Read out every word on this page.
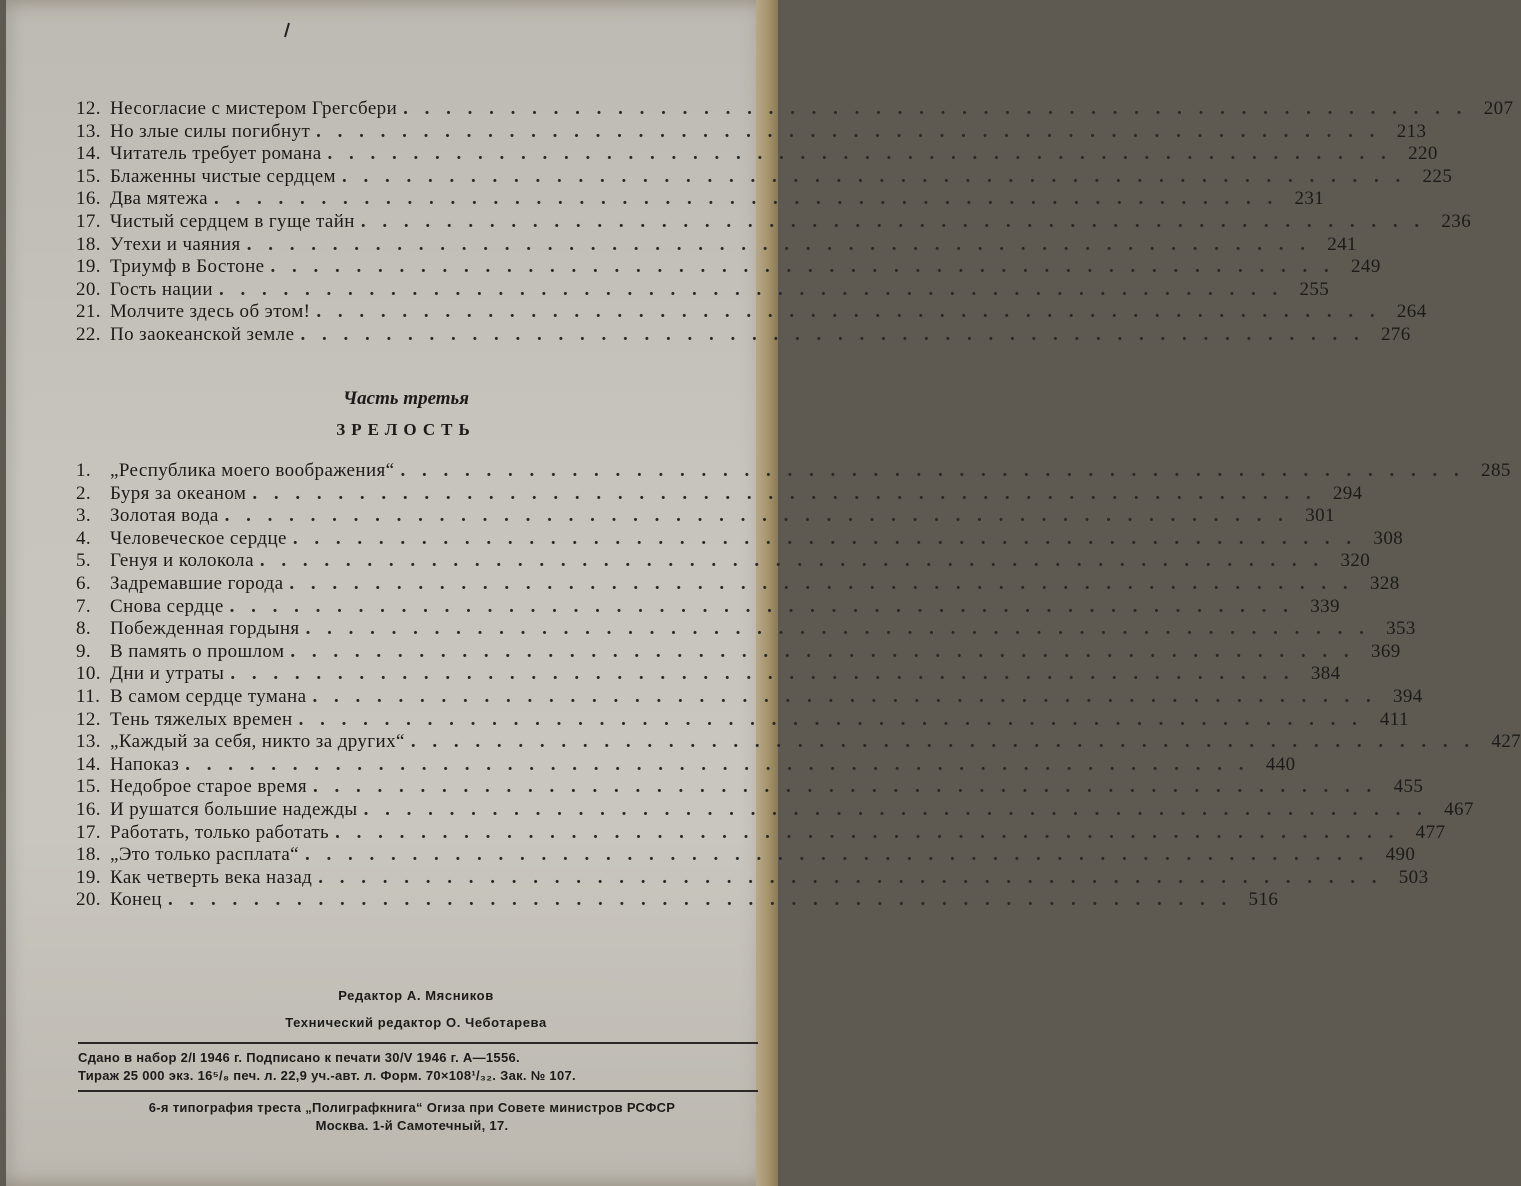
12. Несогласие с мистером Грегсбери . . . . . . . . . . . . . . . . . . . . . . . . . . . . . . . . . . . . . . . . . . . . . . . . . . 207
13. Но злые силы погибнут . . . . . . . . . . . . . . . . . . . . . . . . . . . . . . . . . . . . . . . . . . . . . . . . . . 213
14. Читатель требует романа . . . . . . . . . . . . . . . . . . . . . . . . . . . . . . . . . . . . . . . . . . . . . . . . . . 220
15. Блаженны чистые сердцем . . . . . . . . . . . . . . . . . . . . . . . . . . . . . . . . . . . . . . . . . . . . . . . . . . 225
16. Два мятежа . . . . . . . . . . . . . . . . . . . . . . . . . . . . . . . . . . . . . . . . . . . . . . . . . . 231
17. Чистый сердцем в гуще тайн . . . . . . . . . . . . . . . . . . . . . . . . . . . . . . . . . . . . . . . . . . . . . . . . . . 236
18. Утехи и чаяния . . . . . . . . . . . . . . . . . . . . . . . . . . . . . . . . . . . . . . . . . . . . . . . . . . 241
19. Триумф в Бостоне . . . . . . . . . . . . . . . . . . . . . . . . . . . . . . . . . . . . . . . . . . . . . . . . . . 249
20. Гость нации . . . . . . . . . . . . . . . . . . . . . . . . . . . . . . . . . . . . . . . . . . . . . . . . . . 255
21. Молчите здесь об этом! . . . . . . . . . . . . . . . . . . . . . . . . . . . . . . . . . . . . . . . . . . . . . . . . . . 264
22. По заокеанской земле . . . . . . . . . . . . . . . . . . . . . . . . . . . . . . . . . . . . . . . . . . . . . . . . . . 276
Часть третья
ЗРЕЛОСТЬ
1. „Республика моего воображения“ . . . . . . . . . . . . . . . . . . . . . . . . . . . . . . . . . . . . . . . . . . . . . . . . . . 285
2. Буря за океаном . . . . . . . . . . . . . . . . . . . . . . . . . . . . . . . . . . . . . . . . . . . . . . . . . . 294
3. Золотая вода . . . . . . . . . . . . . . . . . . . . . . . . . . . . . . . . . . . . . . . . . . . . . . . . . . 301
4. Человеческое сердце . . . . . . . . . . . . . . . . . . . . . . . . . . . . . . . . . . . . . . . . . . . . . . . . . . 308
5. Генуя и колокола . . . . . . . . . . . . . . . . . . . . . . . . . . . . . . . . . . . . . . . . . . . . . . . . . . 320
6. Задремавшие города . . . . . . . . . . . . . . . . . . . . . . . . . . . . . . . . . . . . . . . . . . . . . . . . . . 328
7. Снова сердце . . . . . . . . . . . . . . . . . . . . . . . . . . . . . . . . . . . . . . . . . . . . . . . . . . 339
8. Побежденная гордыня . . . . . . . . . . . . . . . . . . . . . . . . . . . . . . . . . . . . . . . . . . . . . . . . . . 353
9. В память о прошлом . . . . . . . . . . . . . . . . . . . . . . . . . . . . . . . . . . . . . . . . . . . . . . . . . . 369
10. Дни и утраты . . . . . . . . . . . . . . . . . . . . . . . . . . . . . . . . . . . . . . . . . . . . . . . . . . 384
11. В самом сердце тумана . . . . . . . . . . . . . . . . . . . . . . . . . . . . . . . . . . . . . . . . . . . . . . . . . . 394
12. Тень тяжелых времен . . . . . . . . . . . . . . . . . . . . . . . . . . . . . . . . . . . . . . . . . . . . . . . . . . 411
13. „Каждый за себя, никто за других“ . . . . . . . . . . . . . . . . . . . . . . . . . . . . . . . . . . . . . . . . . . . . . . . . . . 427
14. Напоказ . . . . . . . . . . . . . . . . . . . . . . . . . . . . . . . . . . . . . . . . . . . . . . . . . . 440
15. Недоброе старое время . . . . . . . . . . . . . . . . . . . . . . . . . . . . . . . . . . . . . . . . . . . . . . . . . . 455
16. И рушатся большие надежды . . . . . . . . . . . . . . . . . . . . . . . . . . . . . . . . . . . . . . . . . . . . . . . . . . 467
17. Работать, только работать . . . . . . . . . . . . . . . . . . . . . . . . . . . . . . . . . . . . . . . . . . . . . . . . . . 477
18. „Это только расплата“ . . . . . . . . . . . . . . . . . . . . . . . . . . . . . . . . . . . . . . . . . . . . . . . . . . 490
19. Как четверть века назад . . . . . . . . . . . . . . . . . . . . . . . . . . . . . . . . . . . . . . . . . . . . . . . . . . 503
20. Конец . . . . . . . . . . . . . . . . . . . . . . . . . . . . . . . . . . . . . . . . . . . . . . . . . . 516
Редактор А. Мясников
Технический редактор О. Чеботарева
Сдано в набор 2/I 1946 г. Подписано к печати 30/V 1946 г. А—1556.
Тираж 25 000 экз. 16⁵/₈ печ. л. 22,9 уч.-авт. л. Форм. 70×108¹/₃₂. Зак. № 107.
6-я типография треста „Полиграфкнига“ Огиза при Совете министров РСФСР
Москва. 1-й Самотечный, 17.
